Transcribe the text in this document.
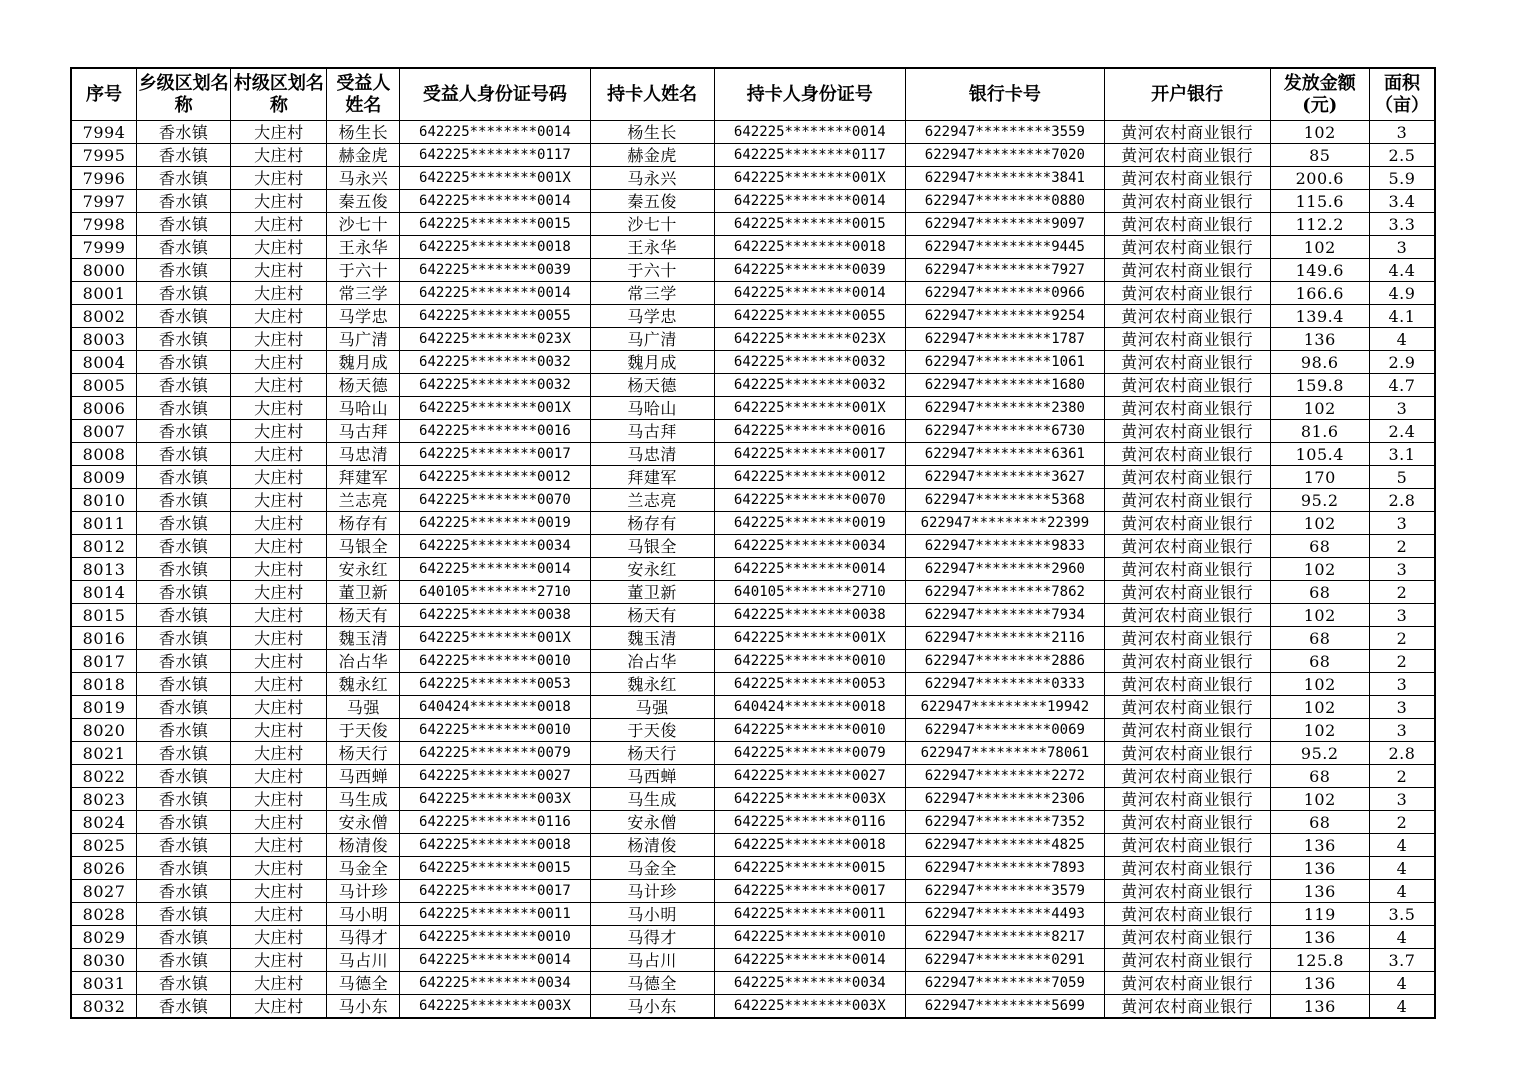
序号	乡级区划名称	村级区划名称	受益人姓名	受益人身份证号码	持卡人姓名	持卡人身份证号	银行卡号	开户银行	发放金额(元)	面积（亩）
7994	香水镇	大庄村	杨生长	642225********0014	杨生长	642225********0014	622947*********3559	黄河农村商业银行	102	3
7995	香水镇	大庄村	赫金虎	642225********0117	赫金虎	642225********0117	622947*********7020	黄河农村商业银行	85	2.5
7996	香水镇	大庄村	马永兴	642225********001X	马永兴	642225********001X	622947*********3841	黄河农村商业银行	200.6	5.9
7997	香水镇	大庄村	秦五俊	642225********0014	秦五俊	642225********0014	622947*********0880	黄河农村商业银行	115.6	3.4
7998	香水镇	大庄村	沙七十	642225********0015	沙七十	642225********0015	622947*********9097	黄河农村商业银行	112.2	3.3
7999	香水镇	大庄村	王永华	642225********0018	王永华	642225********0018	622947*********9445	黄河农村商业银行	102	3
8000	香水镇	大庄村	于六十	642225********0039	于六十	642225********0039	622947*********7927	黄河农村商业银行	149.6	4.4
8001	香水镇	大庄村	常三学	642225********0014	常三学	642225********0014	622947*********0966	黄河农村商业银行	166.6	4.9
8002	香水镇	大庄村	马学忠	642225********0055	马学忠	642225********0055	622947*********9254	黄河农村商业银行	139.4	4.1
8003	香水镇	大庄村	马广清	642225********023X	马广清	642225********023X	622947*********1787	黄河农村商业银行	136	4
8004	香水镇	大庄村	魏月成	642225********0032	魏月成	642225********0032	622947*********1061	黄河农村商业银行	98.6	2.9
8005	香水镇	大庄村	杨天德	642225********0032	杨天德	642225********0032	622947*********1680	黄河农村商业银行	159.8	4.7
8006	香水镇	大庄村	马哈山	642225********001X	马哈山	642225********001X	622947*********2380	黄河农村商业银行	102	3
8007	香水镇	大庄村	马古拜	642225********0016	马古拜	642225********0016	622947*********6730	黄河农村商业银行	81.6	2.4
8008	香水镇	大庄村	马忠清	642225********0017	马忠清	642225********0017	622947*********6361	黄河农村商业银行	105.4	3.1
8009	香水镇	大庄村	拜建军	642225********0012	拜建军	642225********0012	622947*********3627	黄河农村商业银行	170	5
8010	香水镇	大庄村	兰志亮	642225********0070	兰志亮	642225********0070	622947*********5368	黄河农村商业银行	95.2	2.8
8011	香水镇	大庄村	杨存有	642225********0019	杨存有	642225********0019	622947*********22399	黄河农村商业银行	102	3
8012	香水镇	大庄村	马银全	642225********0034	马银全	642225********0034	622947*********9833	黄河农村商业银行	68	2
8013	香水镇	大庄村	安永红	642225********0014	安永红	642225********0014	622947*********2960	黄河农村商业银行	102	3
8014	香水镇	大庄村	董卫新	640105********2710	董卫新	640105********2710	622947*********7862	黄河农村商业银行	68	2
8015	香水镇	大庄村	杨天有	642225********0038	杨天有	642225********0038	622947*********7934	黄河农村商业银行	102	3
8016	香水镇	大庄村	魏玉清	642225********001X	魏玉清	642225********001X	622947*********2116	黄河农村商业银行	68	2
8017	香水镇	大庄村	冶占华	642225********0010	冶占华	642225********0010	622947*********2886	黄河农村商业银行	68	2
8018	香水镇	大庄村	魏永红	642225********0053	魏永红	642225********0053	622947*********0333	黄河农村商业银行	102	3
8019	香水镇	大庄村	马强	640424********0018	马强	640424********0018	622947*********19942	黄河农村商业银行	102	3
8020	香水镇	大庄村	于天俊	642225********0010	于天俊	642225********0010	622947*********0069	黄河农村商业银行	102	3
8021	香水镇	大庄村	杨天行	642225********0079	杨天行	642225********0079	622947*********78061	黄河农村商业银行	95.2	2.8
8022	香水镇	大庄村	马西蝉	642225********0027	马西蝉	642225********0027	622947*********2272	黄河农村商业银行	68	2
8023	香水镇	大庄村	马生成	642225********003X	马生成	642225********003X	622947*********2306	黄河农村商业银行	102	3
8024	香水镇	大庄村	安永僧	642225********0116	安永僧	642225********0116	622947*********7352	黄河农村商业银行	68	2
8025	香水镇	大庄村	杨清俊	642225********0018	杨清俊	642225********0018	622947*********4825	黄河农村商业银行	136	4
8026	香水镇	大庄村	马金全	642225********0015	马金全	642225********0015	622947*********7893	黄河农村商业银行	136	4
8027	香水镇	大庄村	马计珍	642225********0017	马计珍	642225********0017	622947*********3579	黄河农村商业银行	136	4
8028	香水镇	大庄村	马小明	642225********0011	马小明	642225********0011	622947*********4493	黄河农村商业银行	119	3.5
8029	香水镇	大庄村	马得才	642225********0010	马得才	642225********0010	622947*********8217	黄河农村商业银行	136	4
8030	香水镇	大庄村	马占川	642225********0014	马占川	642225********0014	622947*********0291	黄河农村商业银行	125.8	3.7
8031	香水镇	大庄村	马德全	642225********0034	马德全	642225********0034	622947*********7059	黄河农村商业银行	136	4
8032	香水镇	大庄村	马小东	642225********003X	马小东	642225********003X	622947*********5699	黄河农村商业银行	136	4
